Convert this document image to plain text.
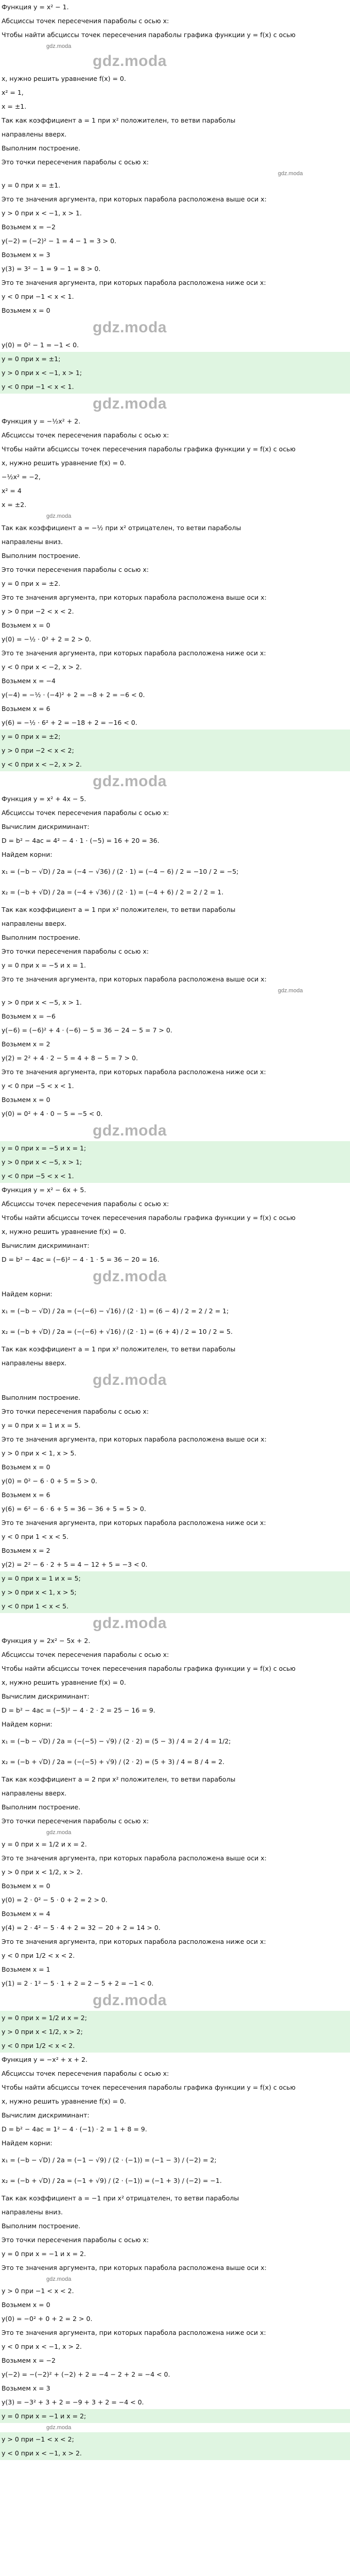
Функция y = x² − 1.
Абсциссы точек пересечения параболы с осью x:
Чтобы найти абсциссы точек пересечения параболы графика функции y = f(x) с осью
gdz.moda
gdz.moda
x, нужно решить уравнение f(x) = 0.
x² = 1,
x = ±1.
Так как коэффициент a = 1 при x² положителен, то ветви параболы
направлены вверх.
Выполним построение.
Это точки пересечения параболы с осью x:
gdz.moda
y = 0 при x = ±1.
Это те значения аргумента, при которых парабола расположена выше оси x:
y > 0 при x < −1, x > 1.
Возьмем x = −2
y(−2) = (−2)² − 1 = 4 − 1 = 3 > 0.
Возьмем x = 3
y(3) = 3² − 1 = 9 − 1 = 8 > 0.
Это те значения аргумента, при которых парабола расположена ниже оси x:
y < 0 при −1 < x < 1.
Возьмем x = 0
gdz.moda
y(0) = 0² − 1 = −1 < 0.
y = 0 при x = ±1;
y > 0 при x < −1, x > 1;
y < 0 при −1 < x < 1.
gdz.moda
Функция y = −½x² + 2.
Абсциссы точек пересечения параболы с осью x:
Чтобы найти абсциссы точек пересечения параболы графика функции y = f(x) с осью
x, нужно решить уравнение f(x) = 0.
−½x² = −2,
x² = 4
x = ±2.
gdz.moda
Так как коэффициент a = −½ при x² отрицателен, то ветви параболы
направлены вниз.
Выполним построение.
Это точки пересечения параболы с осью x:
y = 0 при x = ±2.
Это те значения аргумента, при которых парабола расположена выше оси x:
y > 0 при −2 < x < 2.
Возьмем x = 0
y(0) = −½ · 0² + 2 = 2 > 0.
Это те значения аргумента, при которых парабола расположена ниже оси x:
y < 0 при x < −2, x > 2.
Возьмем x = −4
y(−4) = −½ · (−4)² + 2 = −8 + 2 = −6 < 0.
Возьмем x = 6
y(6) = −½ · 6² + 2 = −18 + 2 = −16 < 0.
y = 0 при x = ±2;
y > 0 при −2 < x < 2;
y < 0 при x < −2, x > 2.
gdz.moda
Функция y = x² + 4x − 5.
Абсциссы точек пересечения параболы с осью x:
Вычислим дискриминант:
D = b² − 4ac = 4² − 4 · 1 · (−5) = 16 + 20 = 36.
Найдем корни:
x₁ = (−b − √D) / 2a = (−4 − √36) / (2 · 1) = (−4 − 6) / 2 = −10 / 2 = −5;
x₂ = (−b + √D) / 2a = (−4 + √36) / (2 · 1) = (−4 + 6) / 2 = 2 / 2 = 1.
Так как коэффициент a = 1 при x² положителен, то ветви параболы
направлены вверх.
Выполним построение.
Это точки пересечения параболы с осью x:
y = 0 при x = −5 и x = 1.
Это те значения аргумента, при которых парабола расположена выше оси x:
gdz.moda
y > 0 при x < −5, x > 1.
Возьмем x = −6
y(−6) = (−6)² + 4 · (−6) − 5 = 36 − 24 − 5 = 7 > 0.
Возьмем x = 2
y(2) = 2² + 4 · 2 − 5 = 4 + 8 − 5 = 7 > 0.
Это те значения аргумента, при которых парабола расположена ниже оси x:
y < 0 при −5 < x < 1.
Возьмем x = 0
y(0) = 0² + 4 · 0 − 5 = −5 < 0.
gdz.moda
y = 0 при x = −5 и x = 1;
y > 0 при x < −5, x > 1;
y < 0 при −5 < x < 1.
Функция y = x² − 6x + 5.
Абсциссы точек пересечения параболы с осью x:
Чтобы найти абсциссы точек пересечения параболы графика функции y = f(x) с осью
x, нужно решить уравнение f(x) = 0.
Вычислим дискриминант:
D = b² − 4ac = (−6)² − 4 · 1 · 5 = 36 − 20 = 16.
gdz.moda
Найдем корни:
x₁ = (−b − √D) / 2a = (−(−6) − √16) / (2 · 1) = (6 − 4) / 2 = 2 / 2 = 1;
x₂ = (−b + √D) / 2a = (−(−6) + √16) / (2 · 1) = (6 + 4) / 2 = 10 / 2 = 5.
Так как коэффициент a = 1 при x² положителен, то ветви параболы
направлены вверх.
gdz.moda
Выполним построение.
Это точки пересечения параболы с осью x:
y = 0 при x = 1 и x = 5.
Это те значения аргумента, при которых парабола расположена выше оси x:
y > 0 при x < 1, x > 5.
Возьмем x = 0
y(0) = 0² − 6 · 0 + 5 = 5 > 0.
Возьмем x = 6
y(6) = 6² − 6 · 6 + 5 = 36 − 36 + 5 = 5 > 0.
Это те значения аргумента, при которых парабола расположена ниже оси x:
y < 0 при 1 < x < 5.
Возьмем x = 2
y(2) = 2² − 6 · 2 + 5 = 4 − 12 + 5 = −3 < 0.
y = 0 при x = 1 и x = 5;
y > 0 при x < 1, x > 5;
y < 0 при 1 < x < 5.
gdz.moda
Функция y = 2x² − 5x + 2.
Абсциссы точек пересечения параболы с осью x:
Чтобы найти абсциссы точек пересечения параболы графика функции y = f(x) с осью
x, нужно решить уравнение f(x) = 0.
Вычислим дискриминант:
D = b² − 4ac = (−5)² − 4 · 2 · 2 = 25 − 16 = 9.
Найдем корни:
x₁ = (−b − √D) / 2a = (−(−5) − √9) / (2 · 2) = (5 − 3) / 4 = 2 / 4 = 1/2;
x₂ = (−b + √D) / 2a = (−(−5) + √9) / (2 · 2) = (5 + 3) / 4 = 8 / 4 = 2.
Так как коэффициент a = 2 при x² положителен, то ветви параболы
направлены вверх.
Выполним построение.
Это точки пересечения параболы с осью x:
gdz.moda
y = 0 при x = 1/2 и x = 2.
Это те значения аргумента, при которых парабола расположена выше оси x:
y > 0 при x < 1/2, x > 2.
Возьмем x = 0
y(0) = 2 · 0² − 5 · 0 + 2 = 2 > 0.
Возьмем x = 4
y(4) = 2 · 4² − 5 · 4 + 2 = 32 − 20 + 2 = 14 > 0.
Это те значения аргумента, при которых парабола расположена ниже оси x:
y < 0 при 1/2 < x < 2.
Возьмем x = 1
y(1) = 2 · 1² − 5 · 1 + 2 = 2 − 5 + 2 = −1 < 0.
gdz.moda
y = 0 при x = 1/2 и x = 2;
y > 0 при x < 1/2, x > 2;
y < 0 при 1/2 < x < 2.
Функция y = −x² + x + 2.
Абсциссы точек пересечения параболы с осью x:
Чтобы найти абсциссы точек пересечения параболы графика функции y = f(x) с осью
x, нужно решить уравнение f(x) = 0.
Вычислим дискриминант:
D = b² − 4ac = 1² − 4 · (−1) · 2 = 1 + 8 = 9.
Найдем корни:
x₁ = (−b − √D) / 2a = (−1 − √9) / (2 · (−1)) = (−1 − 3) / (−2) = 2;
x₂ = (−b + √D) / 2a = (−1 + √9) / (2 · (−1)) = (−1 + 3) / (−2) = −1.
Так как коэффициент a = −1 при x² отрицателен, то ветви параболы
направлены вниз.
Выполним построение.
Это точки пересечения параболы с осью x:
y = 0 при x = −1 и x = 2.
Это те значения аргумента, при которых парабола расположена выше оси x:
gdz.moda
y > 0 при −1 < x < 2.
Возьмем x = 0
y(0) = −0² + 0 + 2 = 2 > 0.
Это те значения аргумента, при которых парабола расположена ниже оси x:
y < 0 при x < −1, x > 2.
Возьмем x = −2
y(−2) = −(−2)² + (−2) + 2 = −4 − 2 + 2 = −4 < 0.
Возьмем x = 3
y(3) = −3² + 3 + 2 = −9 + 3 + 2 = −4 < 0.
y = 0 при x = −1 и x = 2;
gdz.moda
y > 0 при −1 < x < 2;
y < 0 при x < −1, x > 2.
